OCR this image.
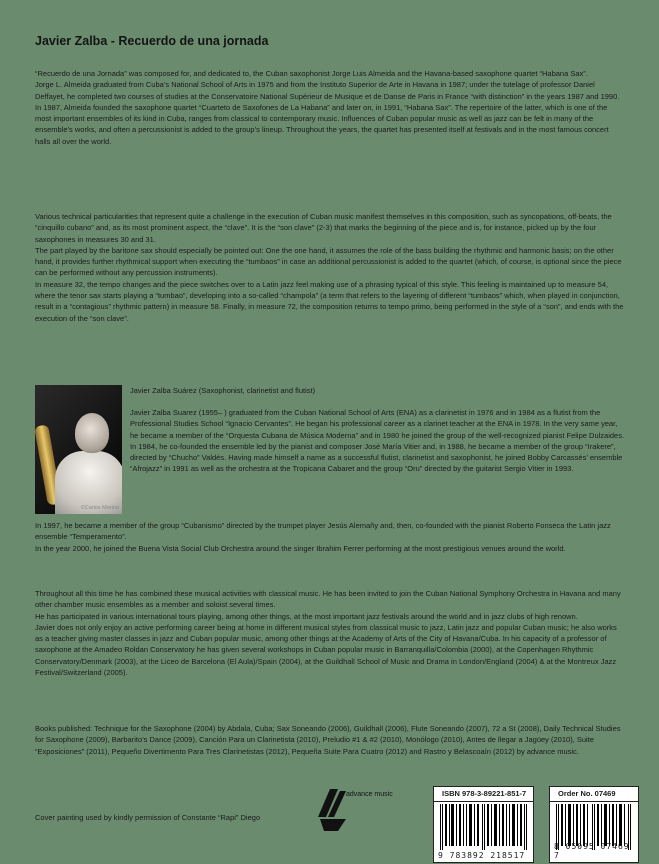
Javier Zalba - Recuerdo de una jornada

“Recuerdo de una Jornada” was composed for, and dedicated to, the Cuban saxophonist Jorge Luis Almeida and the Havana-based saxophone quartet “Habana Sax”.

Jorge L. Almeida graduated from Cuba’s National School of Arts in 1975 and from the Instituto Superior de Arte in Havana in 1987; under the tutelage of professor Daniel Deffayet, he completed two courses of studies at the Conservatoire National Supérieur de Musique et de Danse de Paris in France “with distinction” in the years 1987 and 1990.

In 1987, Almeida founded the saxophone quartet “Cuarteto de Saxofones de La Habana” and later on, in 1991, “Habana Sax”. The repertoire of the latter, which is one of the most important ensembles of its kind in Cuba, ranges from classical to contemporary music. Influences of Cuban popular music as well as jazz can be felt in many of the ensemble’s works, and often a percussionist is added to the group’s lineup. Throughout the years, the quartet has presented itself at festivals and in the most famous concert halls all over the world.

Various technical particularities that represent quite a challenge in the execution of Cuban music manifest themselves in this composition, such as syncopations, off-beats, the “cinquillo cubano” and, as its most prominent aspect, the “clave”. It is the “son clave” (2-3) that marks the beginning of the piece and is, for instance, picked up by the four saxophones in measures 30 and 31.

The part played by the baritone sax should especially be pointed out: One the one hand, it assumes the role of the bass building the rhythmic and harmonic basis; on the other hand, it provides further rhythmical support when executing the “tumbaos” in case an additional percussionist is added to the quartet (which, of course, is optional since the piece can be performed without any percussion instruments).

In measure 32, the tempo changes and the piece switches over to a Latin jazz feel making use of a phrasing typical of this style. This feeling is maintained up to measure 54, where the tenor sax starts playing a “tumbao”, developing into a so-called “champola” (a term that refers to the layering of different “tumbaos” which, when played in conjunction, result in a “contagious” rhythmic pattern) in measure 58. Finally, in measure 72, the composition returns to tempo primo, being performed in the style of a “son”, and ends with the execution of the “son clave”.

©Carlos Merino

Javier Zalba Suárez (Saxophonist, clarinetist and flutist)

Javier Zalba Suarez (1955– ) graduated from the Cuban National School of Arts (ENA) as a clarinetist in 1976 and in 1984 as a flutist from the Professional Studies School “Ignacio Cervantes”. He began his professional career as a clarinet teacher at the ENA in 1978. In the very same year, he became a member of the “Orquesta Cubana de Música Moderna” and in 1980 he joined the group of the well-recognized pianist Felipe Dulzaides.

In 1984, he co-founded the ensemble led by the pianist and composer José María Vitier and, in 1988, he became a member of the group “Irakere”, directed by “Chucho” Valdés. Having made himself a name as a successful flutist, clarinetist and saxophonist, he joined Bobby Carcassés’ ensemble “Afrojazz” in 1991 as well as the orchestra at the Tropicana Cabaret and the group “Oru” directed by the guitarist Sergio Vitier in 1993.

In 1997, he became a member of the group “Cubanismo” directed by the trumpet player Jesús Alemañy and, then, co-founded with the pianist Roberto Fonseca the Latin jazz ensemble “Temperamento”.

In the year 2000, he joined the Buena Vista Social Club Orchestra around the singer Ibrahim Ferrer performing at the most prestigious venues around the world.

Throughout all this time he has combined these musical activities with classical music. He has been invited to join the Cuban National Symphony Orchestra in Havana and many other chamber music ensembles as a member and soloist several times.

He has participated in various international tours playing, among other things, at the most important jazz festivals around the world and in jazz clubs of high renown.

Javier does not only enjoy an active performing career being at home in different musical styles from classical music to jazz, Latin jazz and popular Cuban music; he also works as a teacher giving master classes in jazz and Cuban popular music, among other things at the Academy of Arts of the City of Havana/Cuba. In his capacity of a professor of saxophone at the Amadeo Roldan Conservatory he has given several workshops in Cuban popular music in Barranquilla/Colombia (2000), at the Copenhagen Rhythmic Conservatory/Denmark (2003), at the Liceo de Barcelona (El Aula)/Spain (2004), at the Guildhall School of Music and Drama in London/England (2004) & at the Montreux Jazz Festival/Switzerland (2005).

Books published: Technique for the Saxophone (2004) by Abdala, Cuba; Sax Soneando (2006), Guildhall (2006), Flute Soneando (2007), 72 a St (2008), Daily Technical Studies for Saxophone (2009), Barbarito’s Dance (2009), Canción Para un Clarinetista (2010), Preludio #1 & #2 (2010), Monólogo (2010), Antes de llegar a Jagüey (2010), Suite “Exposiciones” (2011), Pequeño Divertimento Para Tres Clarinetistas (2012), Pequeña Suite Para Cuatro (2012) and Rastro y Belascoaín (2012) by advance music.

Cover painting used by kindly permission of Constante “Rapi” Diego

advance music	ISBN 978-3-89221-851-7
9 783892 218517
Order No. 07469
8 05095 07469 7
